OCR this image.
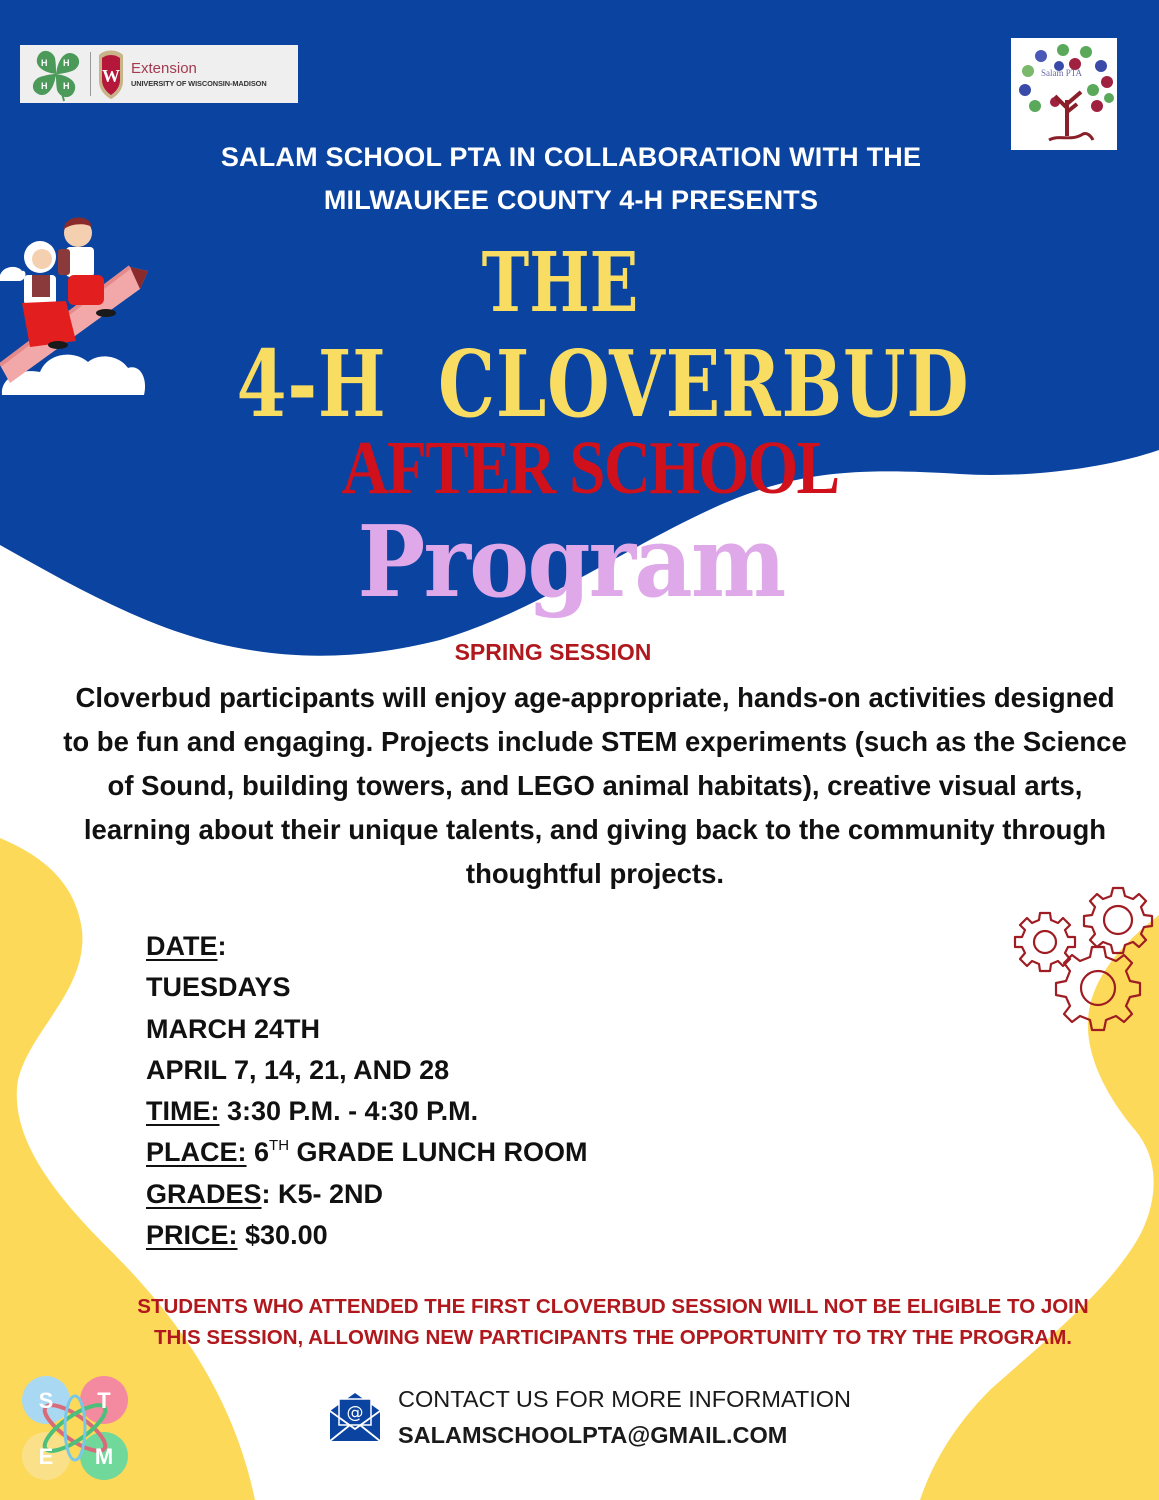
H H
H H W Extension
UNIVERSITY OF WISCONSIN-MADISON
Salam PTA
SALAM SCHOOL PTA IN COLLABORATION WITH THE
MILWAUKEE COUNTY 4-H PRESENTS
THE
4-H  CLOVERBUD
AFTER SCHOOL
Program
SPRING SESSION
Cloverbud participants will enjoy age-appropriate, hands-on activities designed to be fun and engaging. Projects include STEM experiments (such as the Science of Sound, building towers, and LEGO animal habitats), creative visual arts, learning about their unique talents, and giving back to the community through thoughtful projects.
DATE:
TUESDAYS
MARCH 24TH
APRIL 7, 14, 21, AND 28
TIME: 3:30 P.M. - 4:30 P.M.
PLACE: 6TH GRADE LUNCH ROOM
GRADES: K5- 2ND
PRICE: $30.00
STUDENTS WHO ATTENDED THE FIRST CLOVERBUD SESSION WILL NOT BE ELIGIBLE TO JOIN
THIS SESSION, ALLOWING NEW PARTICIPANTS THE OPPORTUNITY TO TRY THE PROGRAM.
S T
E M
@
CONTACT US FOR MORE INFORMATION
SALAMSCHOOLPTA@GMAIL.COM
